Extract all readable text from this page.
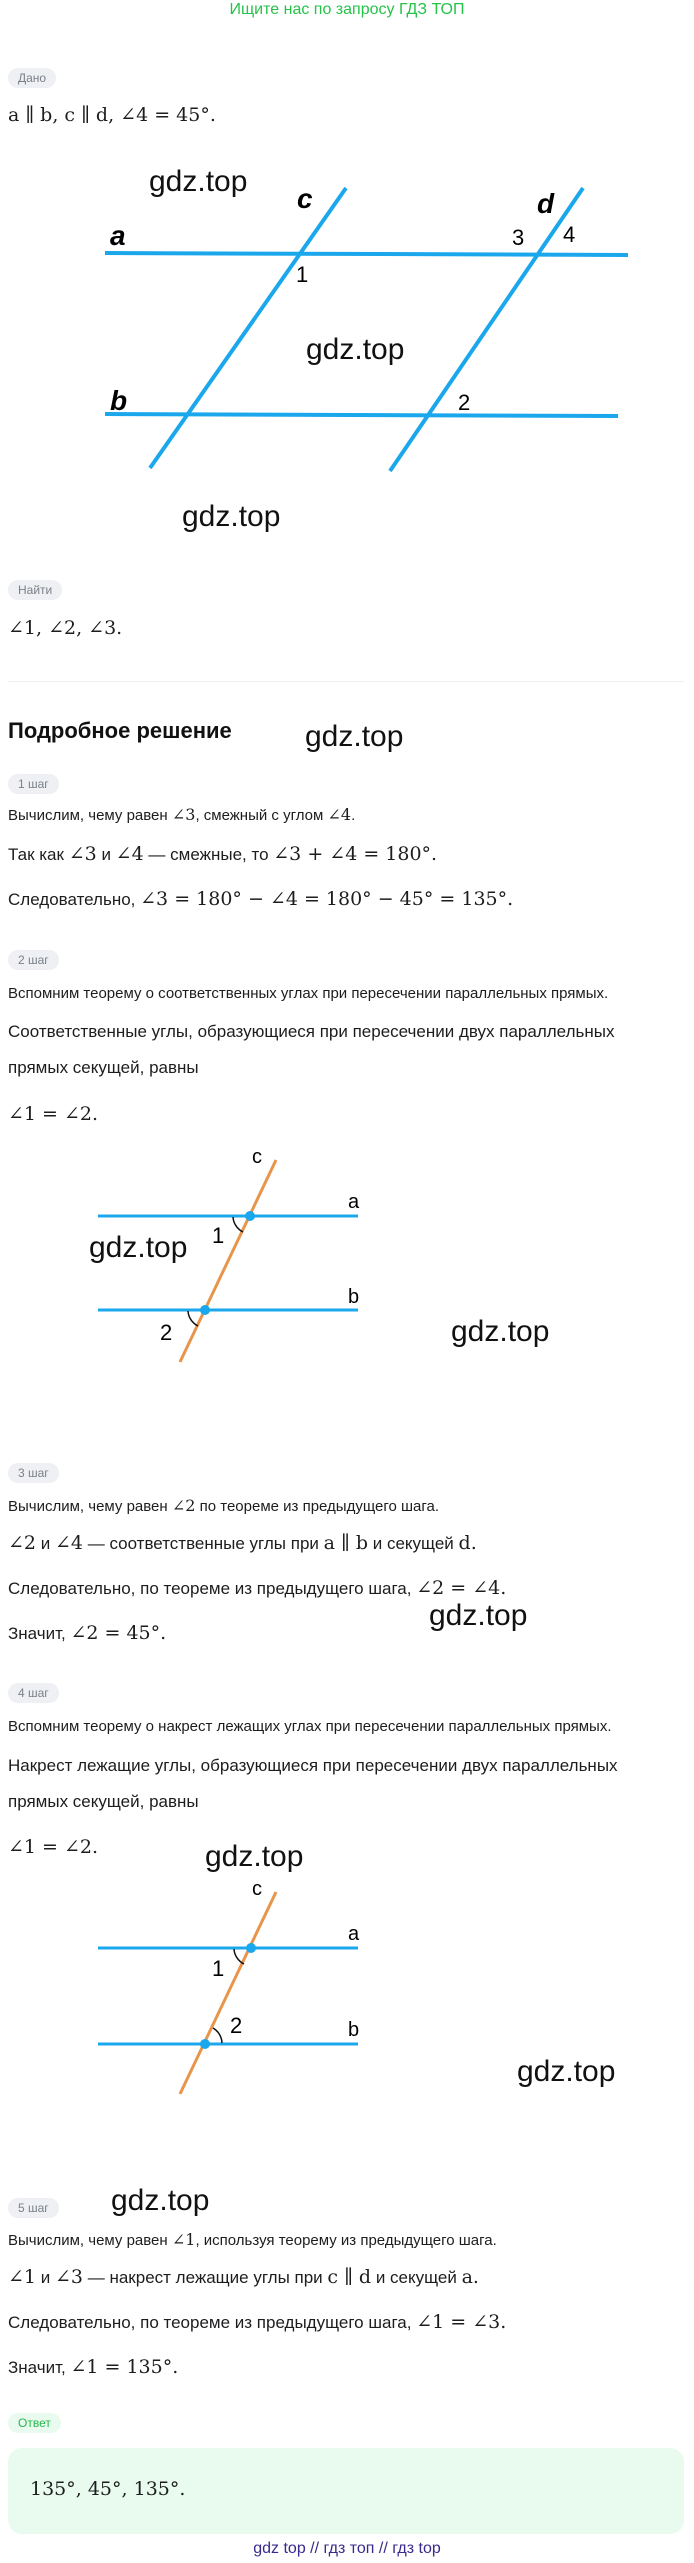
Ищите нас по запросу ГДЗ ТОП
Дано
a ∥ b, c ∥ d, ∠4 = 45°.
a
b
c	d
1
2
3 4
gdz.top
gdz.top
gdz.top
Найти
∠1, ∠2, ∠3.
Подробное решение gdz.top
1 шаг
Вычислим, чему равен ∠3, смежный с углом ∠4.
Так как ∠3 и ∠4 — смежные, то ∠3 + ∠4 = 180°.
Следовательно, ∠3 = 180° − ∠4 = 180° − 45° = 135°.
2 шаг
Вспомним теорему о соответственных углах при пересечении параллельных прямых.
Соответственные углы, образующиеся при пересечении двух параллельных
прямых секущей, равны
∠1 = ∠2.
c
a
b
1
2
gdz.top
gdz.top
3 шаг
Вычислим, чему равен ∠2 по теореме из предыдущего шага.
∠2 и ∠4 — соответственные углы при a ∥ b и секущей d.
Следовательно, по теореме из предыдущего шага, ∠2 = ∠4.
gdz.top
Значит, ∠2 = 45°.
4 шаг
Вспомним теорему о накрест лежащих углах при пересечении параллельных прямых.
Накрест лежащие углы, образующиеся при пересечении двух параллельных
прямых секущей, равны
∠1 = ∠2.	gdz.top
c
a
b
1
2
gdz.top
5 шаг	gdz.top
Вычислим, чему равен ∠1, используя теорему из предыдущего шага.
∠1 и ∠3 — накрест лежащие углы при c ∥ d и секущей a.
Следовательно, по теореме из предыдущего шага, ∠1 = ∠3.
Значит, ∠1 = 135°.
Ответ
135°, 45°, 135°.
gdz top // гдз топ // гдз top
